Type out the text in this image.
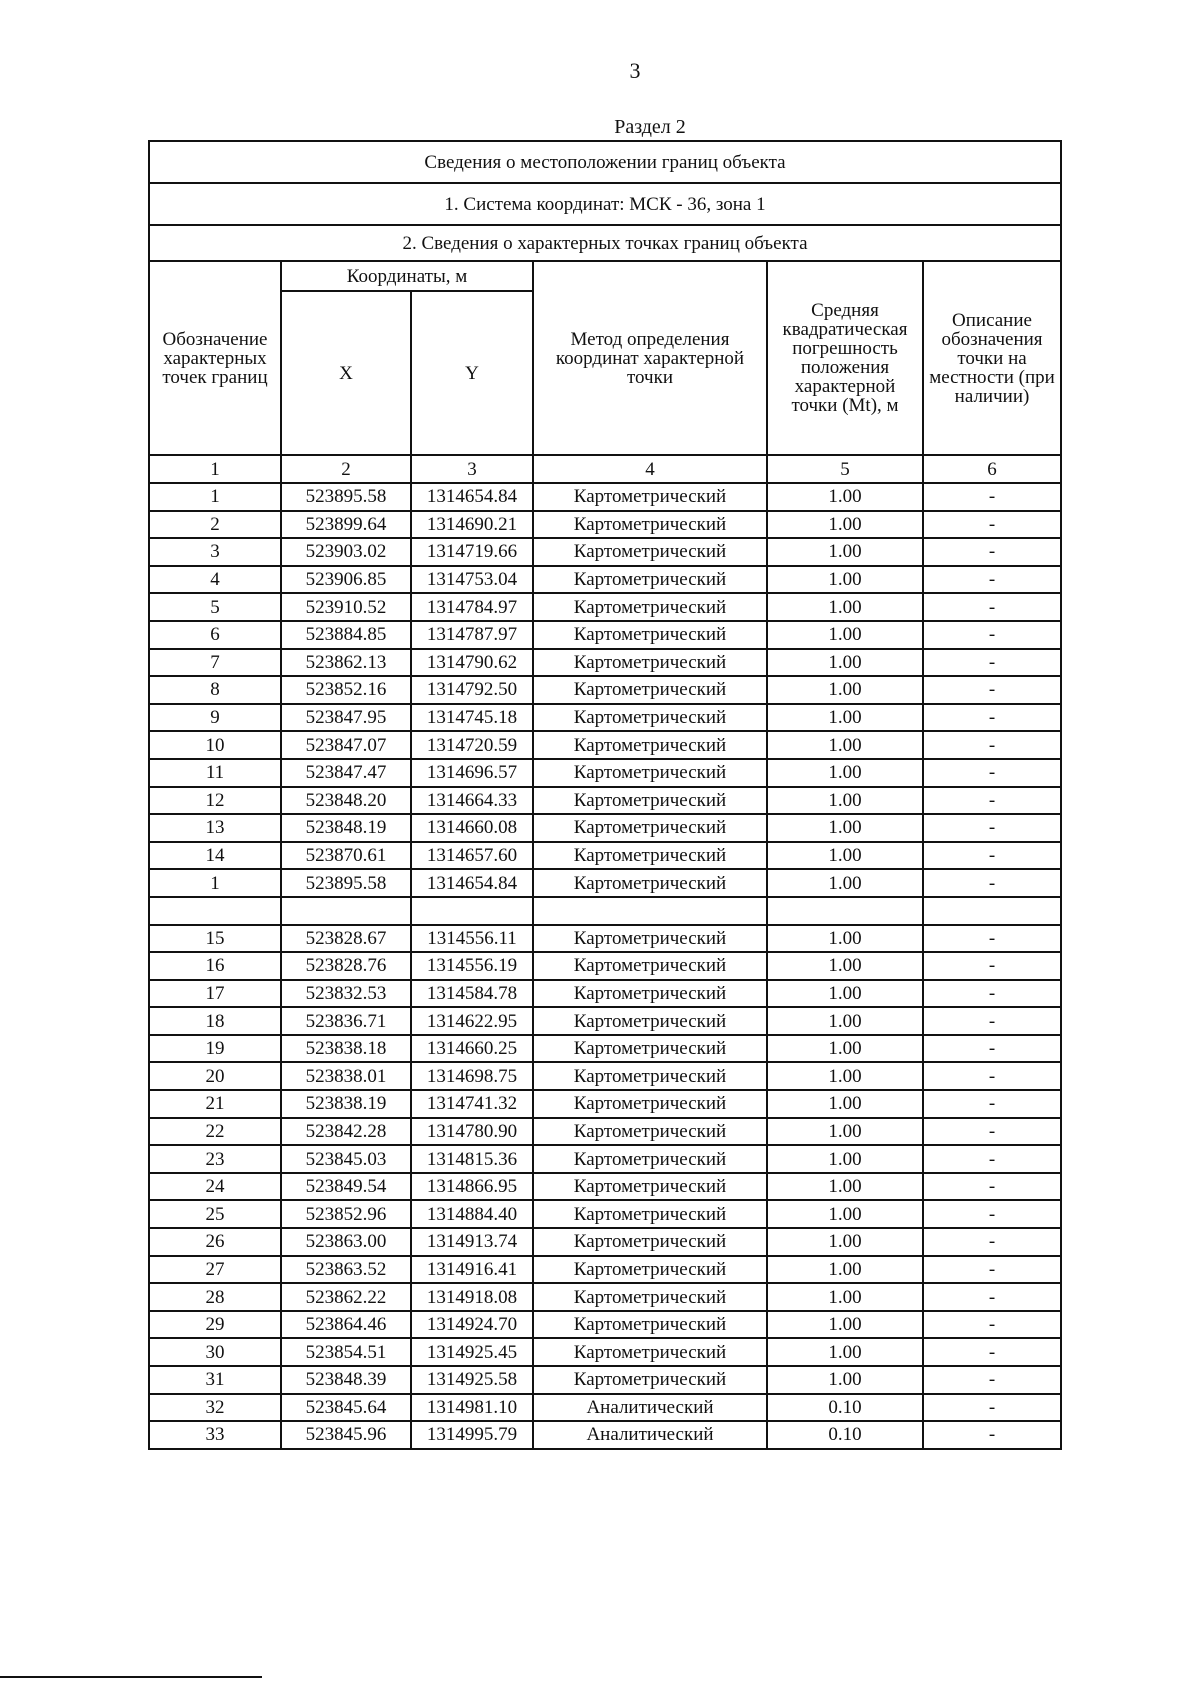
3
Раздел 2
Сведения о местоположении границ объекта					
1. Система координат: МСК - 36, зона 1					
2. Сведения о характерных точках границ объекта					
Обозначение характерных точек границ	Координаты, м		Метод определения координат характерной точки	Средняя квадратическая погрешность положения характерной точки (Mt), м	Описание обозначения точки на местности (при наличии)
	X	Y			
1	2	3	4	5	6
1	523895.58	1314654.84	Картометрический	1.00	-
2	523899.64	1314690.21	Картометрический	1.00	-
3	523903.02	1314719.66	Картометрический	1.00	-
4	523906.85	1314753.04	Картометрический	1.00	-
5	523910.52	1314784.97	Картометрический	1.00	-
6	523884.85	1314787.97	Картометрический	1.00	-
7	523862.13	1314790.62	Картометрический	1.00	-
8	523852.16	1314792.50	Картометрический	1.00	-
9	523847.95	1314745.18	Картометрический	1.00	-
10	523847.07	1314720.59	Картометрический	1.00	-
11	523847.47	1314696.57	Картометрический	1.00	-
12	523848.20	1314664.33	Картометрический	1.00	-
13	523848.19	1314660.08	Картометрический	1.00	-
14	523870.61	1314657.60	Картометрический	1.00	-
1	523895.58	1314654.84	Картометрический	1.00	-

15	523828.67	1314556.11	Картометрический	1.00	-
16	523828.76	1314556.19	Картометрический	1.00	-
17	523832.53	1314584.78	Картометрический	1.00	-
18	523836.71	1314622.95	Картометрический	1.00	-
19	523838.18	1314660.25	Картометрический	1.00	-
20	523838.01	1314698.75	Картометрический	1.00	-
21	523838.19	1314741.32	Картометрический	1.00	-
22	523842.28	1314780.90	Картометрический	1.00	-
23	523845.03	1314815.36	Картометрический	1.00	-
24	523849.54	1314866.95	Картометрический	1.00	-
25	523852.96	1314884.40	Картометрический	1.00	-
26	523863.00	1314913.74	Картометрический	1.00	-
27	523863.52	1314916.41	Картометрический	1.00	-
28	523862.22	1314918.08	Картометрический	1.00	-
29	523864.46	1314924.70	Картометрический	1.00	-
30	523854.51	1314925.45	Картометрический	1.00	-
31	523848.39	1314925.58	Картометрический	1.00	-
32	523845.64	1314981.10	Аналитический	0.10	-
33	523845.96	1314995.79	Аналитический	0.10	-
